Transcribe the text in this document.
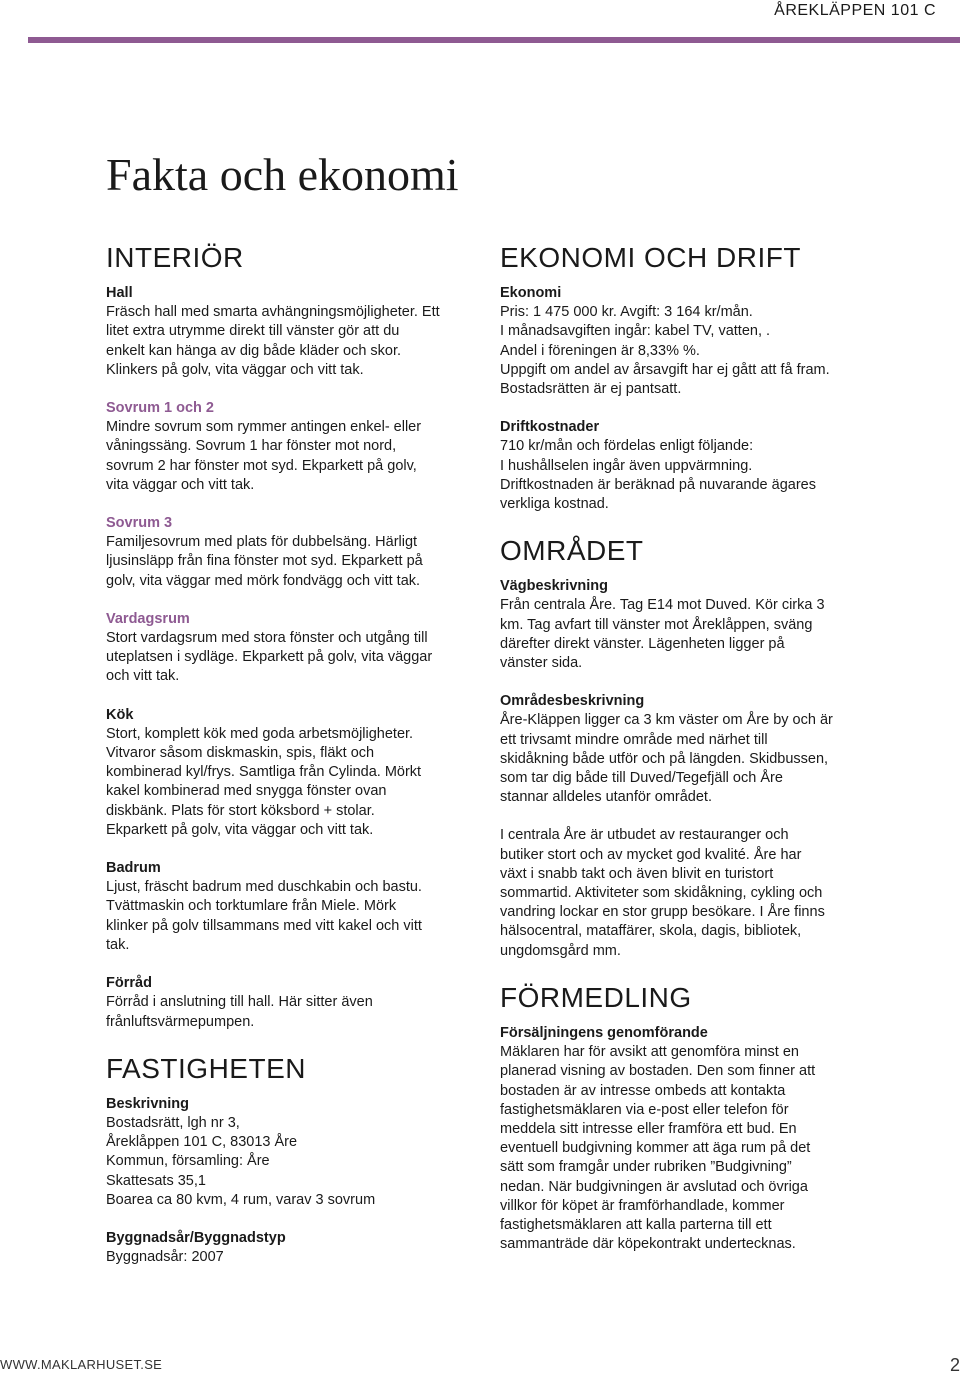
ÅREKLÄPPEN 101 C
Fakta och ekonomi
INTERIÖR
Hall
Fräsch hall med smarta avhängningsmöjligheter. Ett
litet extra utrymme direkt till vänster gör att du
enkelt kan hänga av dig både kläder och skor.
Klinkers på golv, vita väggar och vitt tak.
Sovrum 1 och 2
Mindre sovrum som rymmer antingen enkel- eller
våningssäng. Sovrum 1 har fönster mot nord,
sovrum 2 har fönster mot syd. Ekparkett på golv,
vita väggar och vitt tak.
Sovrum 3
Familjesovrum med plats för dubbelsäng. Härligt
ljusinsläpp från fina fönster mot syd. Ekparkett på
golv, vita väggar med mörk fondvägg och vitt tak.
Vardagsrum
Stort vardagsrum med stora fönster och utgång till
uteplatsen i sydläge. Ekparkett på golv, vita väggar
och vitt tak.
Kök
Stort, komplett kök med goda arbetsmöjligheter.
Vitvaror såsom diskmaskin, spis, fläkt och
kombinerad kyl/frys. Samtliga från Cylinda. Mörkt
kakel kombinerad med snygga fönster ovan
diskbänk. Plats för stort köksbord + stolar.
Ekparkett på golv, vita väggar och vitt tak.
Badrum
Ljust, fräscht badrum med duschkabin och bastu.
Tvättmaskin och torktumlare från Miele. Mörk
klinker på golv tillsammans med vitt kakel och vitt
tak.
Förråd
Förråd i anslutning till hall. Här sitter även
frånluftsvärmepumpen.
FASTIGHETEN
Beskrivning
Bostadsrätt, lgh nr 3,
Åreklåppen 101 C, 83013 Åre
Kommun, församling: Åre
Skattesats 35,1
Boarea ca 80 kvm, 4 rum, varav 3 sovrum
Byggnadsår/Byggnadstyp
Byggnadsår: 2007
EKONOMI OCH DRIFT
Ekonomi
Pris: 1 475 000 kr. Avgift: 3 164 kr/mån.
I månadsavgiften ingår: kabel TV, vatten, .
Andel i föreningen är 8,33% %.
Uppgift om andel av årsavgift har ej gått att få fram.
Bostadsrätten är ej pantsatt.
Driftkostnader
710 kr/mån och fördelas enligt följande:
I hushållselen ingår även uppvärmning.
Driftkostnaden är beräknad på nuvarande ägares
verkliga kostnad.
OMRÅDET
Vägbeskrivning
Från centrala Åre. Tag E14 mot Duved. Kör cirka 3
km. Tag avfart till vänster mot Åreklåppen, sväng
därefter direkt vänster. Lägenheten ligger på
vänster sida.
Områdesbeskrivning
Åre-Kläppen ligger ca 3 km väster om Åre by och är
ett trivsamt mindre område med närhet till
skidåkning både utför och på längden. Skidbussen,
som tar dig både till Duved/Tegefjäll och Åre
stannar alldeles utanför området.
I centrala Åre är utbudet av restauranger och
butiker stort och av mycket god kvalité. Åre har
växt i snabb takt och även blivit en turistort
sommartid. Aktiviteter som skidåkning, cykling och
vandring lockar en stor grupp besökare. I Åre finns
hälsocentral, mataffärer, skola, dagis, bibliotek,
ungdomsgård mm.
FÖRMEDLING
Försäljningens genomförande
Mäklaren har för avsikt att genomföra minst en
planerad visning av bostaden. Den som finner att
bostaden är av intresse ombeds att kontakta
fastighetsmäklaren via e-post eller telefon för
meddela sitt intresse eller framföra ett bud. En
eventuell budgivning kommer att äga rum på det
sätt som framgår under rubriken ”Budgivning”
nedan. När budgivningen är avslutad och övriga
villkor för köpet är framförhandlade, kommer
fastighetsmäklaren att kalla parterna till ett
sammanträde där köpekontrakt undertecknas.
WWW.MAKLARHUSET.SE	2
